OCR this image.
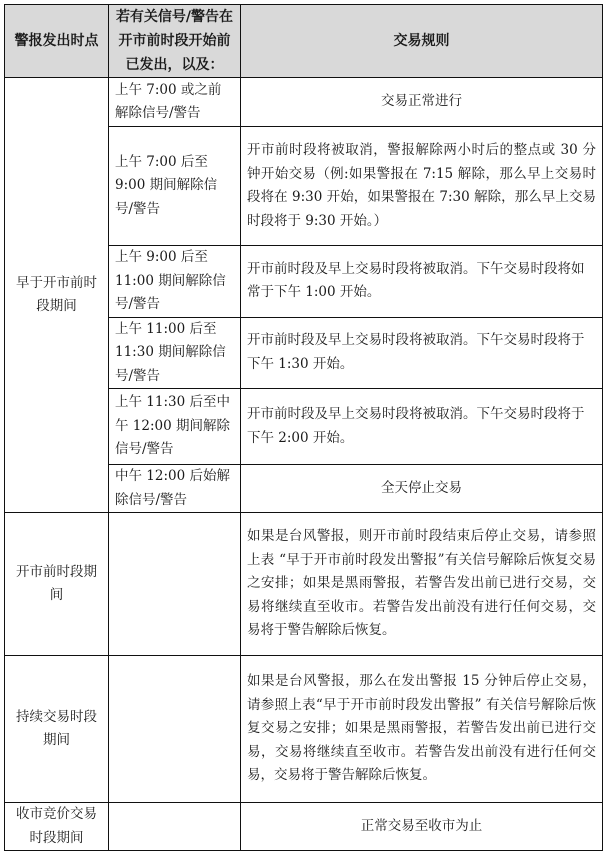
警报发出时点	若有关信号/警告在开市前时段开始前已发出，以及：	交易规则
早于开市前时段期间	上午 7:00 或之前解除信号/警告	交易正常进行
	上午 7:00 后至 9:00 期间解除信号/警告	开市前时段将被取消，警报解除两小时后的整点或 30 分钟开始交易（例:如果警报在 7:15 解除，那么早上交易时段将在 9:30 开始，如果警报在 7:30 解除，那么早上交易时段将于 9:30 开始。）
	上午 9:00 后至 11:00 期间解除信号/警告	开市前时段及早上交易时段将被取消。下午交易时段将如常于下午 1:00 开始。
	上午 11:00 后至 11:30 期间解除信号/警告	开市前时段及早上交易时段将被取消。下午交易时段将于下午 1:30 开始。
	上午 11:30 后至中午 12:00 期间解除信号/警告	开市前时段及早上交易时段将被取消。下午交易时段将于下午 2:00 开始。
	中午 12:00 后始解除信号/警告	全天停止交易
开市前时段期间		如果是台风警报，则开市前时段结束后停止交易，请参照上表 “早于开市前时段发出警报”有关信号解除后恢复交易之安排；如果是黑雨警报，若警告发出前已进行交易，交易将继续直至收市。若警告发出前没有进行任何交易，交易将于警告解除后恢复。
持续交易时段期间		如果是台风警报，那么在发出警报 15 分钟后停止交易，请参照上表“早于开市前时段发出警报” 有关信号解除后恢复交易之安排；如果是黑雨警报，若警告发出前已进行交易，交易将继续直至收市。若警告发出前没有进行任何交易，交易将于警告解除后恢复。
收市竞价交易时段期间		正常交易至收市为止
